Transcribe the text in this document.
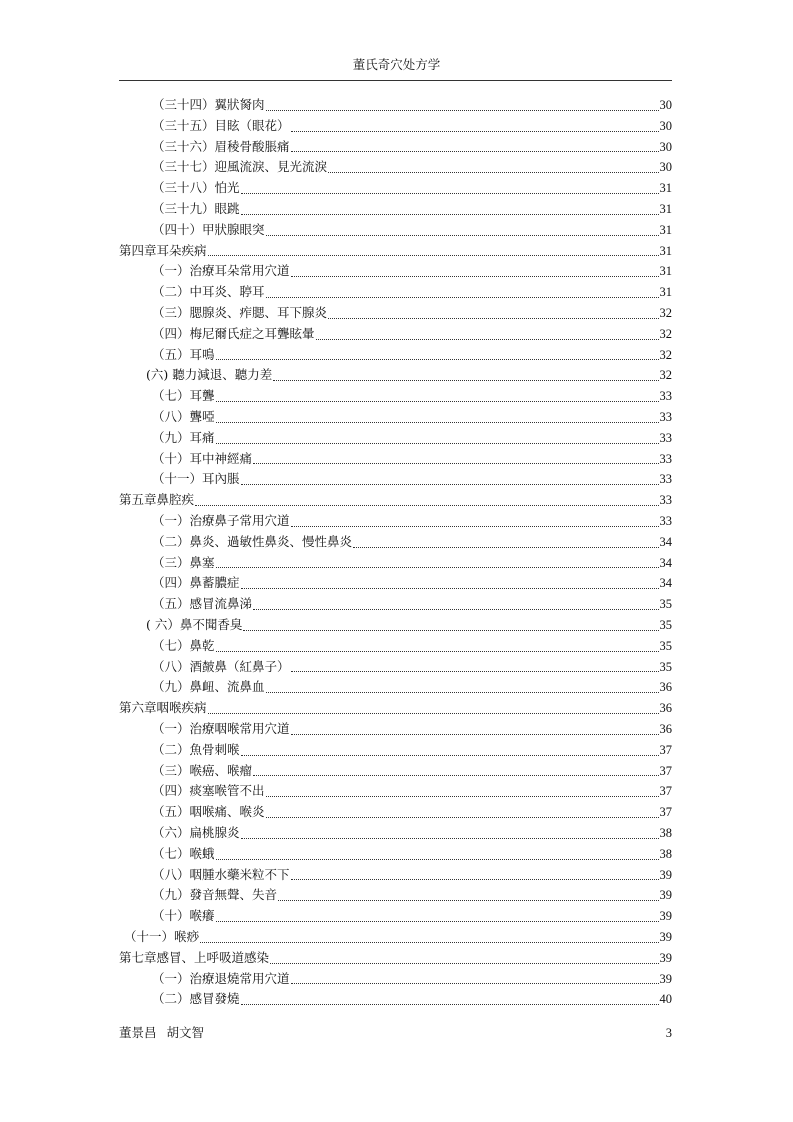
董氏奇穴处方学
（三十四）翼狀胬肉	30
（三十五）目眩（眼花）	30
（三十六）眉稜骨酸脹痛	30
（三十七）迎風流淚、見光流淚	30
（三十八）怕光	31
（三十九）眼跳	31
（四十）甲狀腺眼突	31
第四章耳朵疾病	31
（一）治療耳朵常用穴道	31
（二）中耳炎、聤耳	31
（三）腮腺炎、痄腮、耳下腺炎	32
（四）梅尼爾氏症之耳聾眩暈	32
（五）耳鳴	32
(六) 聽力減退、聽力差	32
（七）耳聾	33
（八）聾啞	33
（九）耳痛	33
（十）耳中神經痛	33
（十一）耳內脹	33
第五章鼻腔疾	33
（一）治療鼻子常用穴道	33
（二）鼻炎、過敏性鼻炎、慢性鼻炎	34
（三）鼻塞	34
（四）鼻蓄膿症	34
（五）感冒流鼻涕	35
( 六）鼻不聞香臭	35
（七）鼻乾	35
（八）酒皶鼻（紅鼻子）	35
（九）鼻衄、流鼻血	36
第六章咽喉疾病	36
（一）治療咽喉常用穴道	36
（二）魚骨刺喉	37
（三）喉癌、喉瘤	37
（四）痰塞喉管不出	37
（五）咽喉痛、喉炎	37
（六）扁桃腺炎	38
（七）喉蛾	38
（八）咽腫水藥米粒不下	39
（九）發音無聲、失音	39
（十）喉癢	39
（十一）喉痧	39
第七章感冒、上呼吸道感染	39
（一）治療退燒常用穴道	39
（二）感冒發燒	40
董景昌 胡文智	3
